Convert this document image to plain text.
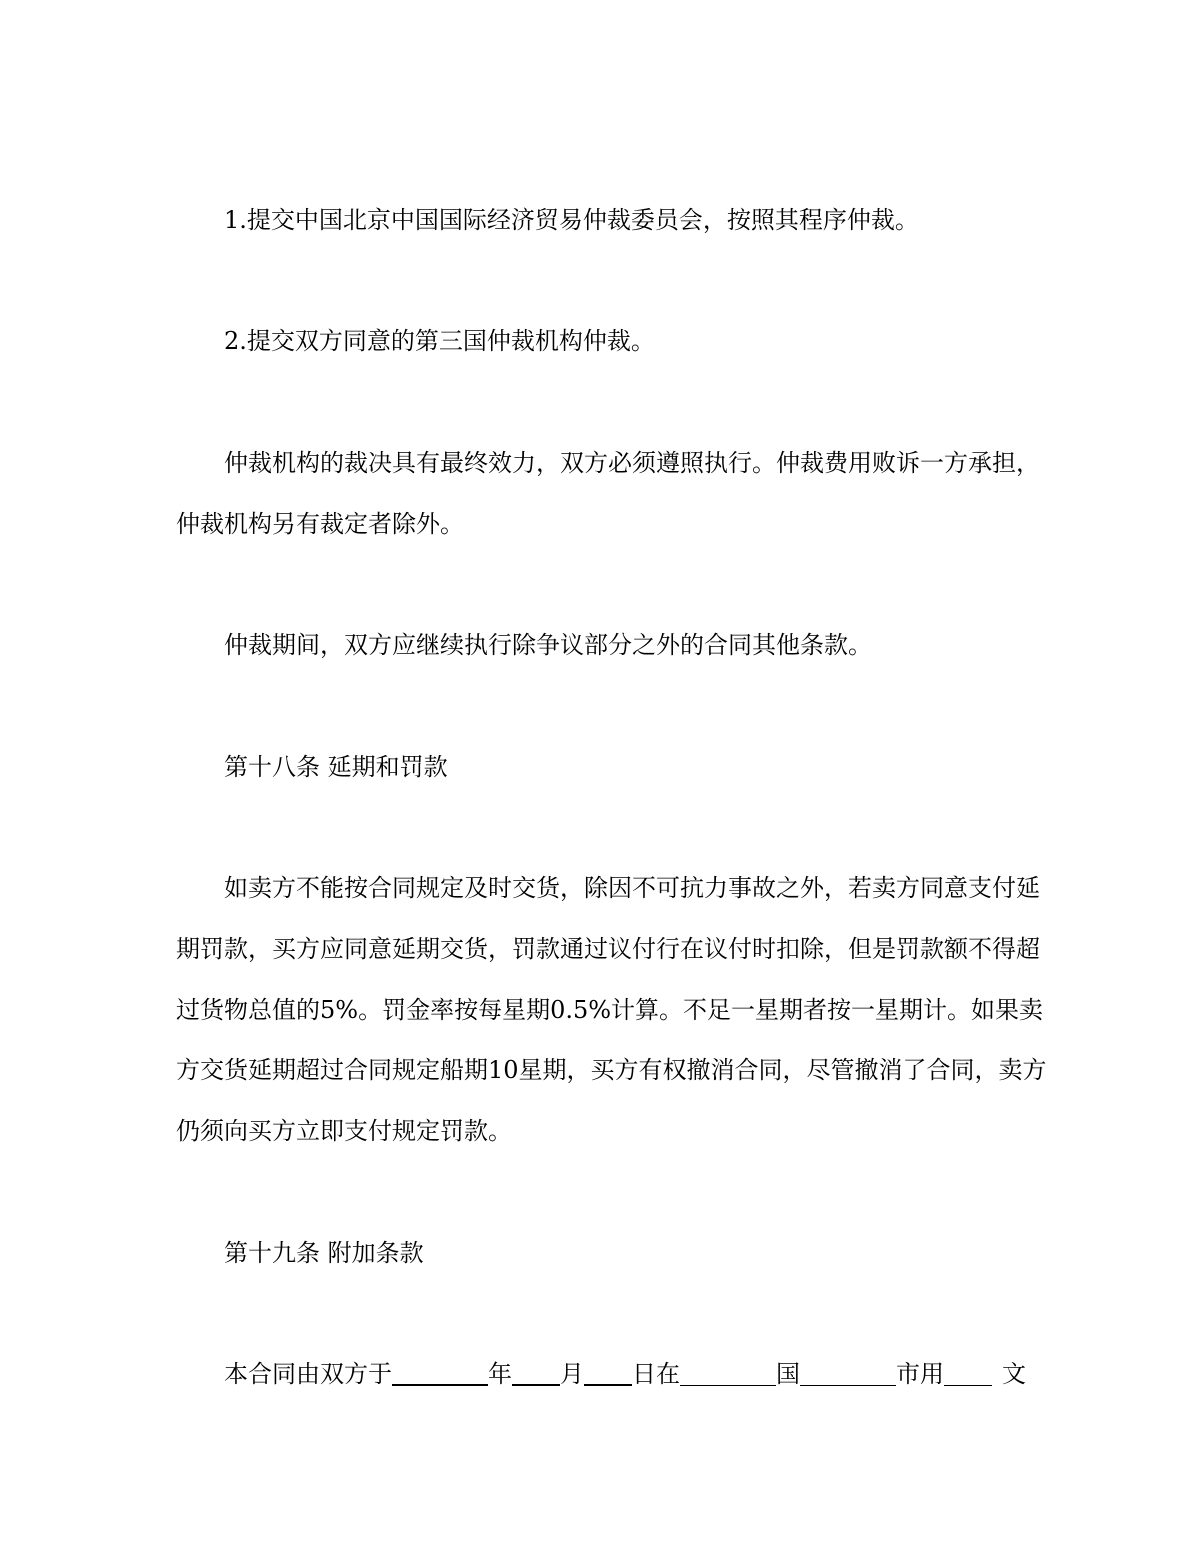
1.提交中国北京中国国际经济贸易仲裁委员会，按照其程序仲裁。
2.提交双方同意的第三国仲裁机构仲裁。
仲裁机构的裁决具有最终效力，双方必须遵照执行。仲裁费用败诉一方承担，
仲裁机构另有裁定者除外。
仲裁期间，双方应继续执行除争议部分之外的合同其他条款。
第十八条 延期和罚款
如卖方不能按合同规定及时交货，除因不可抗力事故之外，若卖方同意支付延
期罚款，买方应同意延期交货，罚款通过议付行在议付时扣除，但是罚款额不得超
过货物总值的5%。罚金率按每星期0.5%计算。不足一星期者按一星期计。如果卖
方交货延期超过合同规定船期10星期，买方有权撤消合同，尽管撤消了合同，卖方
仍须向买方立即支付规定罚款。
第十九条 附加条款
本合同由双方于	年 月 日在	国	市用 文
